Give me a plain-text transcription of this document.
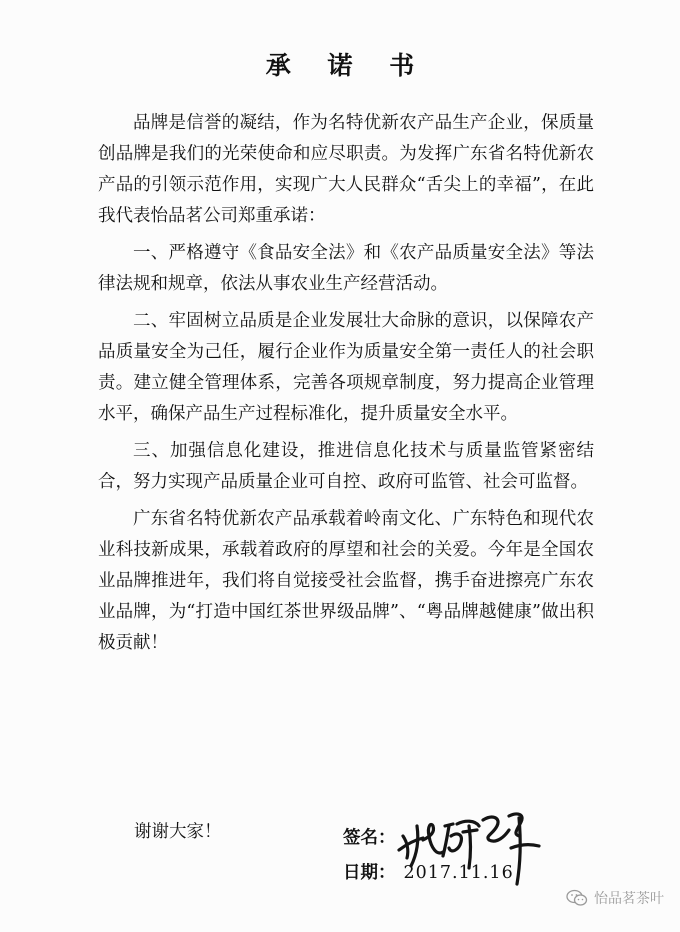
承 诺 书

品牌是信誉的凝结，作为名特优新农产品生产企业，保质量创品牌是我们的光荣使命和应尽职责。为发挥广东省名特优新农产品的引领示范作用，实现广大人民群众“舌尖上的幸福”，在此我代表怡品茗公司郑重承诺：

一、严格遵守《食品安全法》和《农产品质量安全法》等法律法规和规章，依法从事农业生产经营活动。

二、牢固树立品质是企业发展壮大命脉的意识，以保障农产品质量安全为己任，履行企业作为质量安全第一责任人的社会职责。建立健全管理体系，完善各项规章制度，努力提高企业管理水平，确保产品生产过程标准化，提升质量安全水平。

三、加强信息化建设，推进信息化技术与质量监管紧密结合，努力实现产品质量企业可自控、政府可监管、社会可监督。

广东省名特优新农产品承载着岭南文化、广东特色和现代农业科技新成果，承载着政府的厚望和社会的关爱。今年是全国农业品牌推进年，我们将自觉接受社会监督，携手奋进擦亮广东农业品牌，为“打造中国红茶世界级品牌”、“粤品牌越健康”做出积极贡献！

谢谢大家！	签名：
日期： 2017.11.16
怡品茗茶叶
